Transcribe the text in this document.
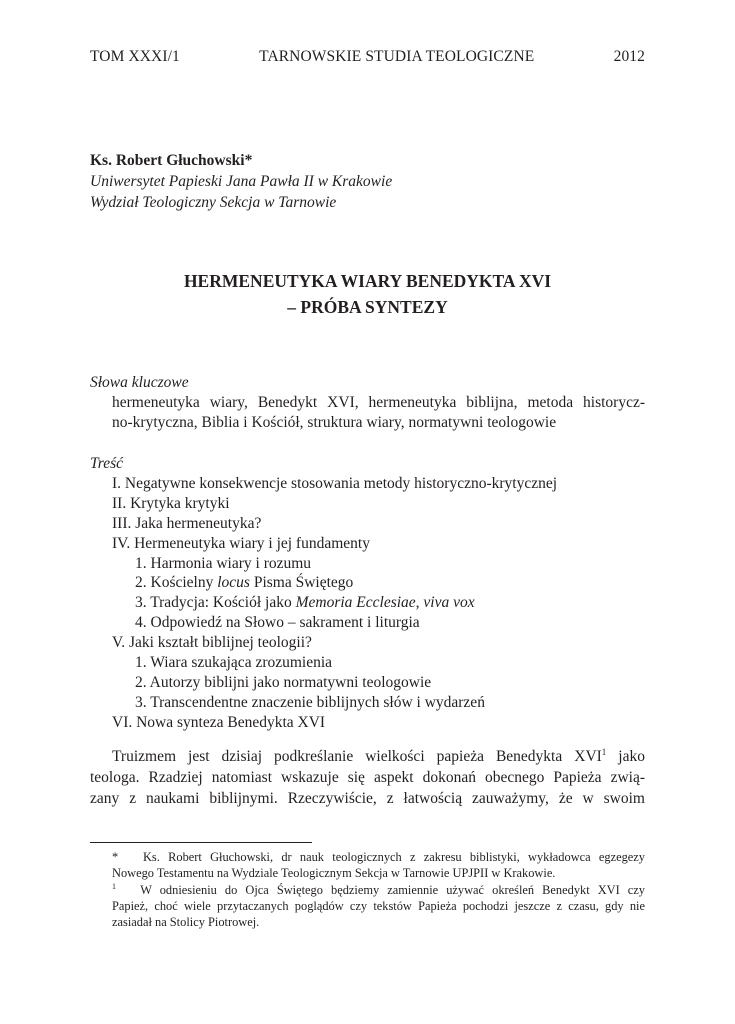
TOM XXXI/1	TARNOWSKIE STUDIA TEOLOGICZNE	2012
Ks. Robert Głuchowski*
Uniwersytet Papieski Jana Pawła II w Krakowie
Wydział Teologiczny Sekcja w Tarnowie
HERMENEUTYKA WIARY BENEDYKTA XVI
– PRÓBA SYNTEZY
Słowa kluczowe
hermeneutyka wiary, Benedykt XVI, hermeneutyka biblijna, metoda historycz-
no-krytyczna, Biblia i Kościół, struktura wiary, normatywni teologowie
Treść
I. Negatywne konsekwencje stosowania metody historyczno-krytycznej
II. Krytyka krytyki
III. Jaka hermeneutyka?
IV. Hermeneutyka wiary i jej fundamenty
1. Harmonia wiary i rozumu
2. Kościelny locus Pisma Świętego
3. Tradycja: Kościół jako Memoria Ecclesiae, viva vox
4. Odpowiedź na Słowo – sakrament i liturgia
V. Jaki kształt biblijnej teologii?
1. Wiara szukająca zrozumienia
2. Autorzy biblijni jako normatywni teologowie
3. Transcendentne znaczenie biblijnych słów i wydarzeń
VI. Nowa synteza Benedykta XVI
Truizmem jest dzisiaj podkreślanie wielkości papieża Benedykta XVI$^1$ jako
teologa. Rzadziej natomiast wskazuje się aspekt dokonań obecnego Papieża zwią-
zany z naukami biblijnymi. Rzeczywiście, z łatwością zauważymy, że w swoim
* Ks. Robert Głuchowski, dr nauk teologicznych z zakresu biblistyki, wykładowca egzegezy
Nowego Testamentu na Wydziale Teologicznym Sekcja w Tarnowie UPJPII w Krakowie.
$^1$ W odniesieniu do Ojca Świętego będziemy zamiennie używać określeń Benedykt XVI czy
Papież, choć wiele przytaczanych poglądów czy tekstów Papieża pochodzi jeszcze z czasu, gdy nie
zasiadał na Stolicy Piotrowej.
